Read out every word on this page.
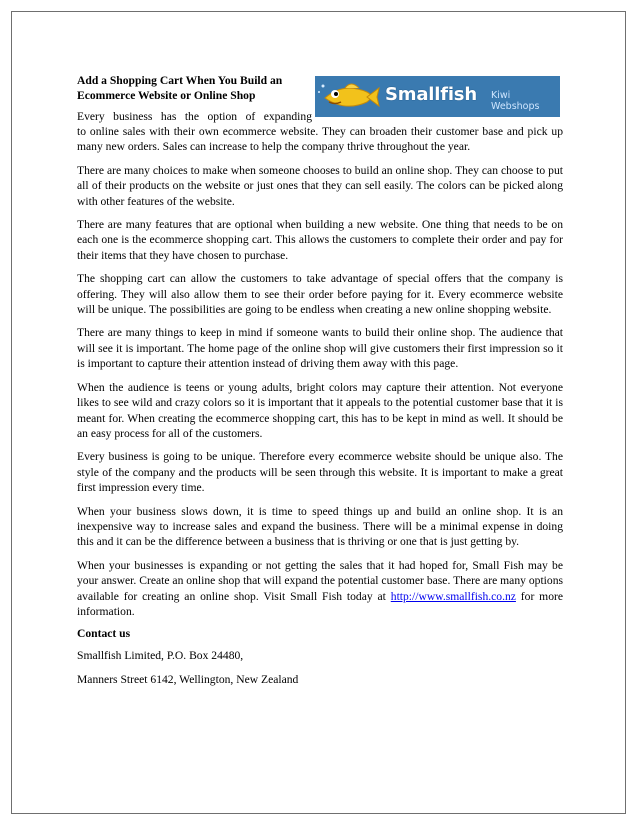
Smallfish Kiwi Webshops
Add a Shopping Cart When You Build an Ecommerce Website or Online Shop
Every business has the option of expanding

to online sales with their own ecommerce website. They can broaden their customer base and pick up many new orders. Sales can increase to help the company thrive throughout the year.

There are many choices to make when someone chooses to build an online shop. They can choose to put all of their products on the website or just ones that they can sell easily. The colors can be picked along with other features of the website.

There are many features that are optional when building a new website. One thing that needs to be on each one is the ecommerce shopping cart. This allows the customers to complete their order and pay for their items that they have chosen to purchase.

The shopping cart can allow the customers to take advantage of special offers that the company is offering. They will also allow them to see their order before paying for it. Every ecommerce website will be unique. The possibilities are going to be endless when creating a new online shopping website.

There are many things to keep in mind if someone wants to build their online shop. The audience that will see it is important. The home page of the online shop will give customers their first impression so it is important to capture their attention instead of driving them away with this page.

When the audience is teens or young adults, bright colors may capture their attention. Not everyone likes to see wild and crazy colors so it is important that it appeals to the potential customer base that it is meant for. When creating the ecommerce shopping cart, this has to be kept in mind as well. It should be an easy process for all of the customers.

Every business is going to be unique. Therefore every ecommerce website should be unique also. The style of the company and the products will be seen through this website. It is important to make a great first impression every time.

When your business slows down, it is time to speed things up and build an online shop. It is an inexpensive way to increase sales and expand the business. There will be a minimal expense in doing this and it can be the difference between a business that is thriving or one that is just getting by.

When your businesses is expanding or not getting the sales that it had hoped for, Small Fish may be your answer. Create an online shop that will expand the potential customer base. There are many options available for creating an online shop. Visit Small Fish today at http://www.smallfish.co.nz for more information.

Contact us
Smallfish Limited, P.O. Box 24480,
Manners Street 6142, Wellington, New Zealand
